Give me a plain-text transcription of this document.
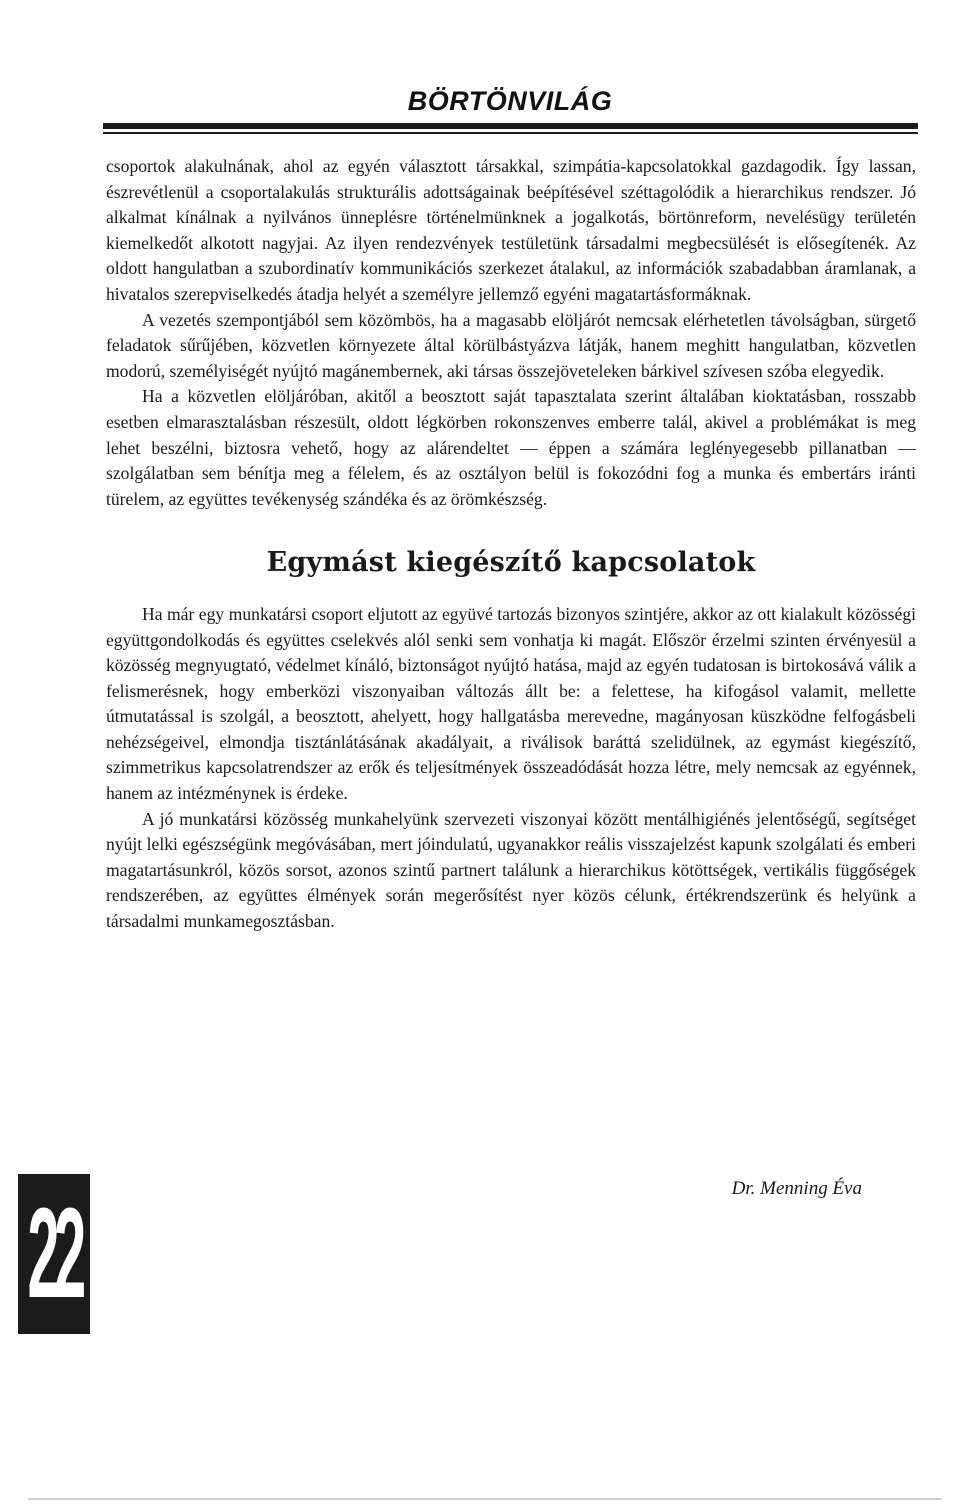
BÖRTÖNVILÁG

csoportok alakulnának, ahol az egyén választott társakkal, szimpátia-kapcsolatokkal gazdagodik. Így lassan, észrevétlenül a csoportalakulás strukturális adottságainak beépítésével széttagolódik a hierarchikus rendszer. Jó alkalmat kínálnak a nyilvános ünneplésre történelmünknek a jogalkotás, börtönreform, nevelésügy területén kiemelkedőt alkotott nagyjai. Az ilyen rendezvények testületünk társadalmi megbecsülését is elősegítenék. Az oldott hangulatban a szubordinatív kommunikációs szerkezet átalakul, az információk szabadabban áramlanak, a hivatalos szerepviselkedés átadja helyét a személyre jellemző egyéni magatartásformáknak.

A vezetés szempontjából sem közömbös, ha a magasabb elöljárót nemcsak elérhetetlen távolságban, sürgető feladatok sűrűjében, közvetlen környezete által körülbástyázva látják, hanem meghitt hangulatban, közvetlen modorú, személyiségét nyújtó magánembernek, aki társas összejöveteleken bárkivel szívesen szóba elegyedik.

Ha a közvetlen elöljáróban, akitől a beosztott saját tapasztalata szerint általában kioktatásban, rosszabb esetben elmarasztalásban részesült, oldott légkörben rokonszenves emberre talál, akivel a problémákat is meg lehet beszélni, biztosra vehető, hogy az alárendeltet — éppen a számára leglényegesebb pillanatban — szolgálatban sem bénítja meg a félelem, és az osztályon belül is fokozódni fog a munka és embertárs iránti türelem, az együttes tevékenység szándéka és az örömkészség.

Egymást kiegészítő kapcsolatok

Ha már egy munkatársi csoport eljutott az együvé tartozás bizonyos szintjére, akkor az ott kialakult közösségi együttgondolkodás és együttes cselekvés alól senki sem vonhatja ki magát. Először érzelmi szinten érvényesül a közösség megnyugtató, védelmet kínáló, biztonságot nyújtó hatása, majd az egyén tudatosan is birtokosává válik a felismerésnek, hogy emberközi viszonyaiban változás állt be: a felettese, ha kifogásol valamit, mellette útmutatással is szolgál, a beosztott, ahelyett, hogy hallgatásba merevedne, magányosan küszködne felfogásbeli nehézségeivel, elmondja tisztánlátásának akadályait, a riválisok baráttá szelidülnek, az egymást kiegészítő, szimmetrikus kapcsolatrendszer az erők és teljesítmények összeadódását hozza létre, mely nemcsak az egyénnek, hanem az intézménynek is érdeke.

A jó munkatársi közösség munkahelyünk szervezeti viszonyai között mentálhigiénés jelentőségű, segítséget nyújt lelki egészségünk megóvásában, mert jóindulatú, ugyanakkor reális visszajelzést kapunk szolgálati és emberi magatartásunkról, közös sorsot, azonos szintű partnert találunk a hierarchikus kötöttségek, vertikális függőségek rendszerében, az együttes élmények során megerősítést nyer közös célunk, értékrendszerünk és helyünk a társadalmi munkamegosztásban.

Dr. Menning Éva
22
